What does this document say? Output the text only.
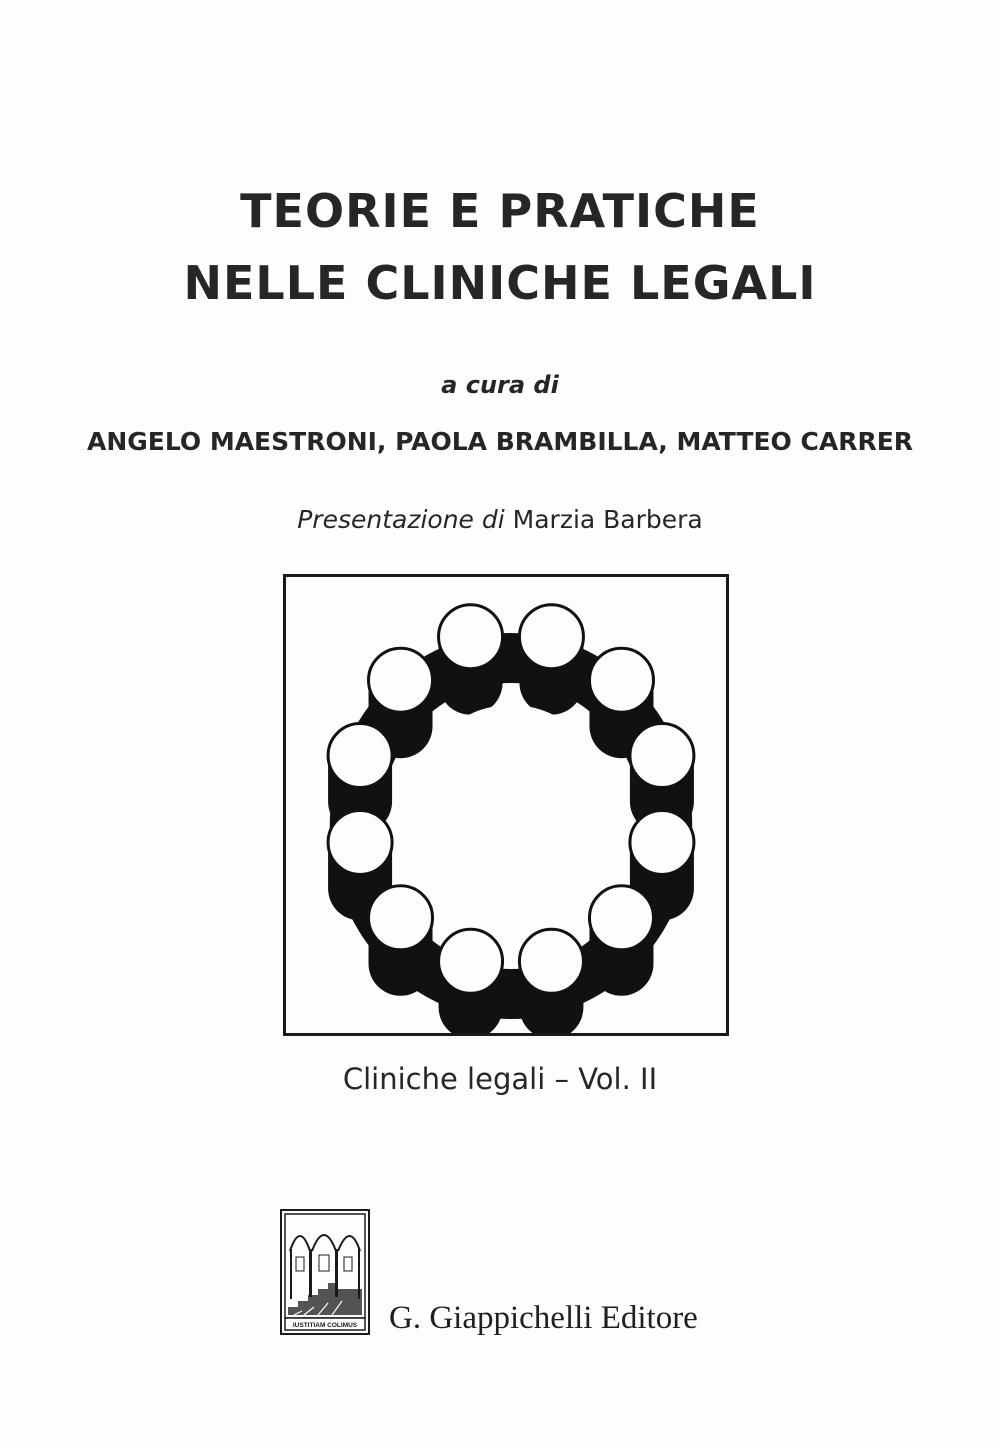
TEORIE E PRATICHE
NELLE CLINICHE LEGALI
a cura di
ANGELO MAESTRONI, PAOLA BRAMBILLA, MATTEO CARRER
Presentazione di Marzia Barbera
Cliniche legali – Vol. II
IUSTITIAM COLIMUS G. Giappichelli Editore
